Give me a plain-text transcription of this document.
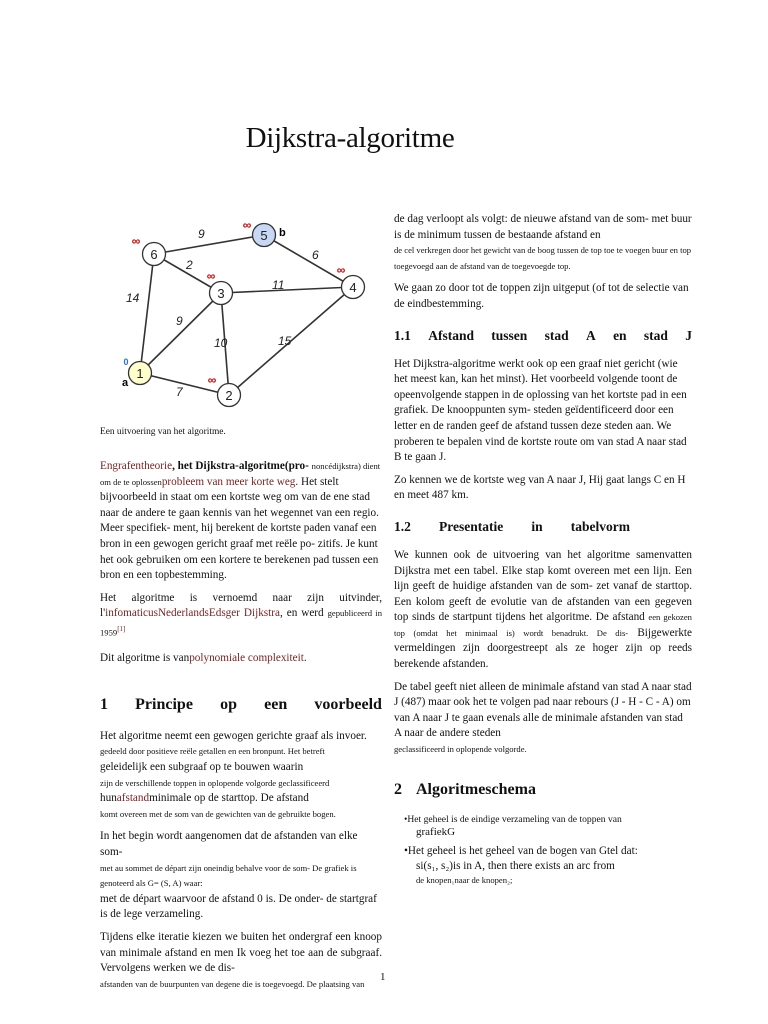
Dijkstra-algoritme
7
9
14
10	15
11
2
6
9
1
2
3	4
5
6
0
∞
∞	∞
∞
∞
a
b
Een uitvoering van het algoritme.

Engrafentheorie, het Dijkstra-algoritme(pro- noncédijkstra) dient om de te oplossenprobleem van meer korte weg. Het stelt bijvoorbeeld in staat om een kortste weg om van de ene stad naar de andere te gaan kennis van het wegennet van een regio. Meer specifiek- ment, hij berekent de kortste paden vanaf een bron in een gewogen gericht graaf met reële po- zitifs. Je kunt het ook gebruiken om een kortere te berekenen pad tussen een bron en een topbestemming.

Het algoritme is vernoemd naar zijn uitvinder, l'infomaticusNederlandsEdsger Dijkstra, en werd gepubliceerd in 1959[1]

Dit algoritme is vanpolynomiale complexiteit.

1 Principe op een voorbeeld

Het algoritme neemt een gewogen gerichte graaf als invoer.
gedeeld door positieve reële getallen en een bronpunt. Het betreft
geleidelijk een subgraaf op te bouwen waarin
zijn de verschillende toppen in oplopende volgorde geclassificeerd
hunafstandminimale op de starttop. De afstand
komt overeen met de som van de gewichten van de gebruikte bogen.

In het begin wordt aangenomen dat de afstanden van elke som-
met au sommet de départ zijn oneindig behalve voor de som- De grafiek is genoteerd als G= (S, A) waar:
met de départ waarvoor de afstand 0 is. De onder- de startgraf is de lege verzameling.

Tijdens elke iteratie kiezen we buiten het ondergraf een knoop van minimale afstand en men Ik voeg het toe aan de subgraaf. Vervolgens werken we de dis-
afstanden van de buurpunten van degene die is toegevoegd. De plaatsing van

de dag verloopt als volgt: de nieuwe afstand van de som- met buur is de minimum tussen de bestaande afstand en
de cel verkregen door het gewicht van de boog tussen de top toe te voegen buur en top toegevoegd aan de afstand van de toegevoegde top.

We gaan zo door tot de toppen zijn uitgeput (of tot de selectie van de eindbestemming.

1.1 Afstand tussen stad A en stad J

Het Dijkstra-algoritme werkt ook op een graaf niet gericht (wie het meest kan, kan het minst). Het voorbeeld volgende toont de opeenvolgende stappen in de oplossing van het kortste pad in een grafiek. De knooppunten sym- steden geïdentificeerd door een letter en de randen geef de afstand tussen deze steden aan. We proberen te bepalen vind de kortste route om van stad A naar stad B te gaan J.

Zo kennen we de kortste weg van A naar J, Hij gaat langs C en H en meet 487 km.

1.2 Presentatie in tabelvorm

We kunnen ook de uitvoering van het algoritme samenvatten Dijkstra met een tabel. Elke stap komt overeen met een lijn. Een lijn geeft de huidige afstanden van de som- zet vanaf de starttop. Een kolom geeft de evolutie van de afstanden van een gegeven top sinds de startpunt tijdens het algoritme. De afstand een gekozen top (omdat het minimaal is) wordt benadrukt. De dis- Bijgewerkte vermeldingen zijn doorgestreept als ze hoger zijn op reeds berekende afstanden.

De tabel geeft niet alleen de minimale afstand van stad A naar stad J (487) maar ook het te volgen pad naar rebours (J - H - C - A) om van A naar J te gaan evenals alle de minimale afstanden van stad A naar de andere steden
geclassificeerd in oplopende volgorde.

2 Algoritmeschema
•Het geheel is de eindige verzameling van de toppen van
grafiekG
•Het geheel is het geheel van de bogen van Gtel dat:
si(s₁, s₂)is in A, then there exists an arc from
de knopen₁naar de knopen₂;
1
